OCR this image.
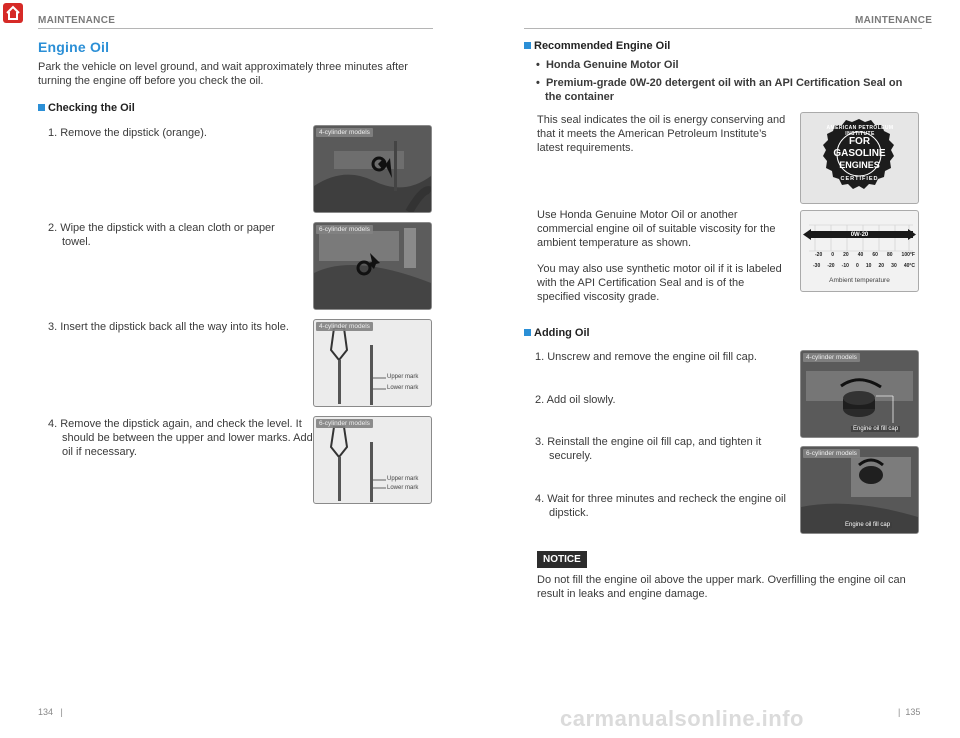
MAINTENANCE
Engine Oil
Park the vehicle on level ground, and wait approximately three minutes after turning the engine off before you check the oil.
Checking the Oil
1. Remove the dipstick (orange).
2. Wipe the dipstick with a clean cloth or paper towel.
3. Insert the dipstick back all the way into its hole.
4. Remove the dipstick again, and check the level. It should be between the upper and lower marks. Add oil if necessary.
4-cylinder models
6-cylinder models
4-cylinder models
Upper mark
Lower mark
6-cylinder models
Upper mark
Lower mark
134   |
MAINTENANCE
Recommended Engine Oil
•  Honda Genuine Motor Oil
•  Premium-grade 0W-20 detergent oil with an API Certification Seal on the container
This seal indicates the oil is energy conserving and that it meets the American Petroleum Institute’s latest requirements.
AMERICAN PETROLEUM INSTITUTE
FOR
GASOLINE
ENGINES
CERTIFIED
Use Honda Genuine Motor Oil or another commercial engine oil of suitable viscosity for the ambient temperature as shown.
You may also use synthetic motor oil if it is labeled with the API Certification Seal and is of the specified viscosity grade.
0W-20
-20 0 20 40 60 80 100°F
-30 -20 -10 0 10 20 30 40°C
Ambient temperature
Adding Oil
1. Unscrew and remove the engine oil fill cap.
2. Add oil slowly.
3. Reinstall the engine oil fill cap, and tighten it securely.
4. Wait for three minutes and recheck the engine oil dipstick.
4-cylinder models
Engine oil fill cap
6-cylinder models
Engine oil fill cap
NOTICE
Do not fill the engine oil above the upper mark. Overfilling the engine oil can result in leaks and engine damage.
|  135
carmanualsonline.info
